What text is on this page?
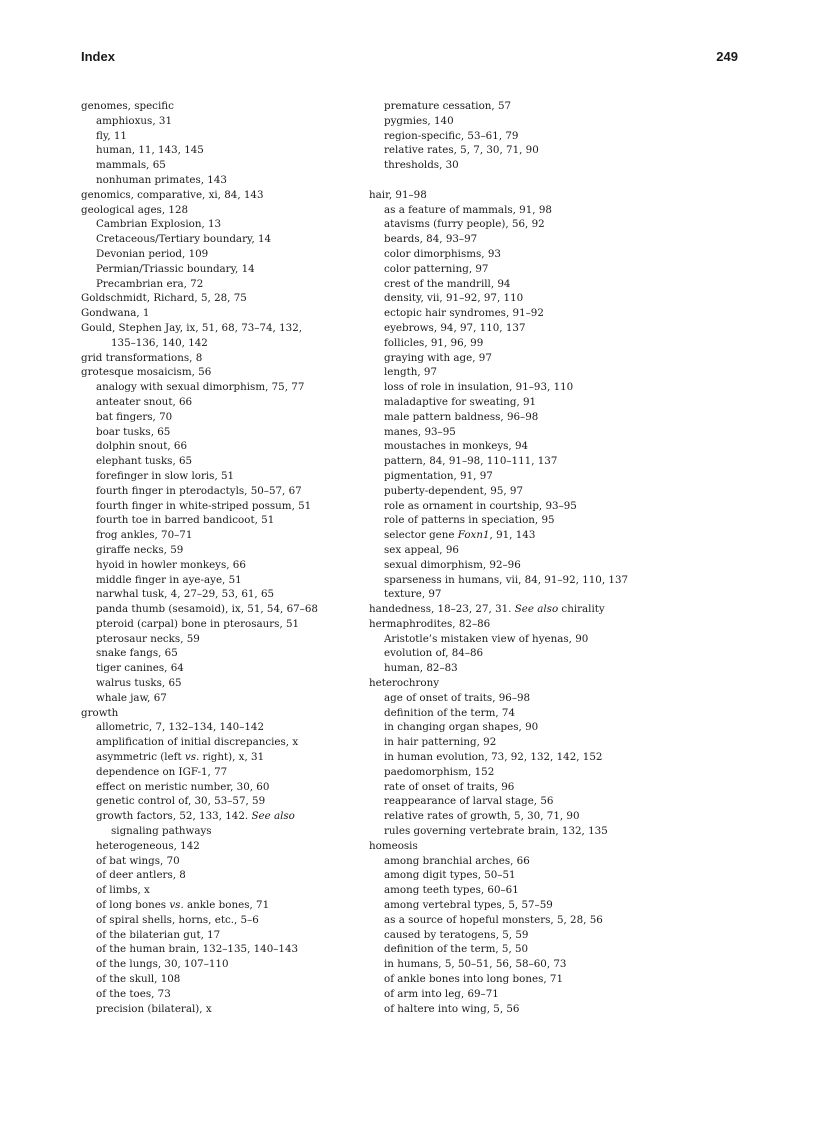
Index	249
genomes, specific
amphioxus, 31
fly, 11
human, 11, 143, 145
mammals, 65
nonhuman primates, 143
genomics, comparative, xi, 84, 143
geological ages, 128
Cambrian Explosion, 13
Cretaceous/Tertiary boundary, 14
Devonian period, 109
Permian/Triassic boundary, 14
Precambrian era, 72
Goldschmidt, Richard, 5, 28, 75
Gondwana, 1
Gould, Stephen Jay, ix, 51, 68, 73–74, 132,
135–136, 140, 142
grid transformations, 8
grotesque mosaicism, 56
analogy with sexual dimorphism, 75, 77
anteater snout, 66
bat fingers, 70
boar tusks, 65
dolphin snout, 66
elephant tusks, 65
forefinger in slow loris, 51
fourth finger in pterodactyls, 50–57, 67
fourth finger in white-striped possum, 51
fourth toe in barred bandicoot, 51
frog ankles, 70–71
giraffe necks, 59
hyoid in howler monkeys, 66
middle finger in aye-aye, 51
narwhal tusk, 4, 27–29, 53, 61, 65
panda thumb (sesamoid), ix, 51, 54, 67–68
pteroid (carpal) bone in pterosaurs, 51
pterosaur necks, 59
snake fangs, 65
tiger canines, 64
walrus tusks, 65
whale jaw, 67
growth
allometric, 7, 132–134, 140–142
amplification of initial discrepancies, x
asymmetric (left vs. right), x, 31
dependence on IGF-1, 77
effect on meristic number, 30, 60
genetic control of, 30, 53–57, 59
growth factors, 52, 133, 142. See also
signaling pathways
heterogeneous, 142
of bat wings, 70
of deer antlers, 8
of limbs, x
of long bones vs. ankle bones, 71
of spiral shells, horns, etc., 5–6
of the bilaterian gut, 17
of the human brain, 132–135, 140–143
of the lungs, 30, 107–110
of the skull, 108
of the toes, 73
precision (bilateral), x
premature cessation, 57
pygmies, 140
region-specific, 53–61, 79
relative rates, 5, 7, 30, 71, 90
thresholds, 30
hair, 91–98
as a feature of mammals, 91, 98
atavisms (furry people), 56, 92
beards, 84, 93–97
color dimorphisms, 93
color patterning, 97
crest of the mandrill, 94
density, vii, 91–92, 97, 110
ectopic hair syndromes, 91–92
eyebrows, 94, 97, 110, 137
follicles, 91, 96, 99
graying with age, 97
length, 97
loss of role in insulation, 91–93, 110
maladaptive for sweating, 91
male pattern baldness, 96–98
manes, 93–95
moustaches in monkeys, 94
pattern, 84, 91–98, 110–111, 137
pigmentation, 91, 97
puberty-dependent, 95, 97
role as ornament in courtship, 93–95
role of patterns in speciation, 95
selector gene Foxn1, 91, 143
sex appeal, 96
sexual dimorphism, 92–96
sparseness in humans, vii, 84, 91–92, 110, 137
texture, 97
handedness, 18–23, 27, 31. See also chirality
hermaphrodites, 82–86
Aristotle’s mistaken view of hyenas, 90
evolution of, 84–86
human, 82–83
heterochrony
age of onset of traits, 96–98
definition of the term, 74
in changing organ shapes, 90
in hair patterning, 92
in human evolution, 73, 92, 132, 142, 152
paedomorphism, 152
rate of onset of traits, 96
reappearance of larval stage, 56
relative rates of growth, 5, 30, 71, 90
rules governing vertebrate brain, 132, 135
homeosis
among branchial arches, 66
among digit types, 50–51
among teeth types, 60–61
among vertebral types, 5, 57–59
as a source of hopeful monsters, 5, 28, 56
caused by teratogens, 5, 59
definition of the term, 5, 50
in humans, 5, 50–51, 56, 58–60, 73
of ankle bones into long bones, 71
of arm into leg, 69–71
of haltere into wing, 5, 56
